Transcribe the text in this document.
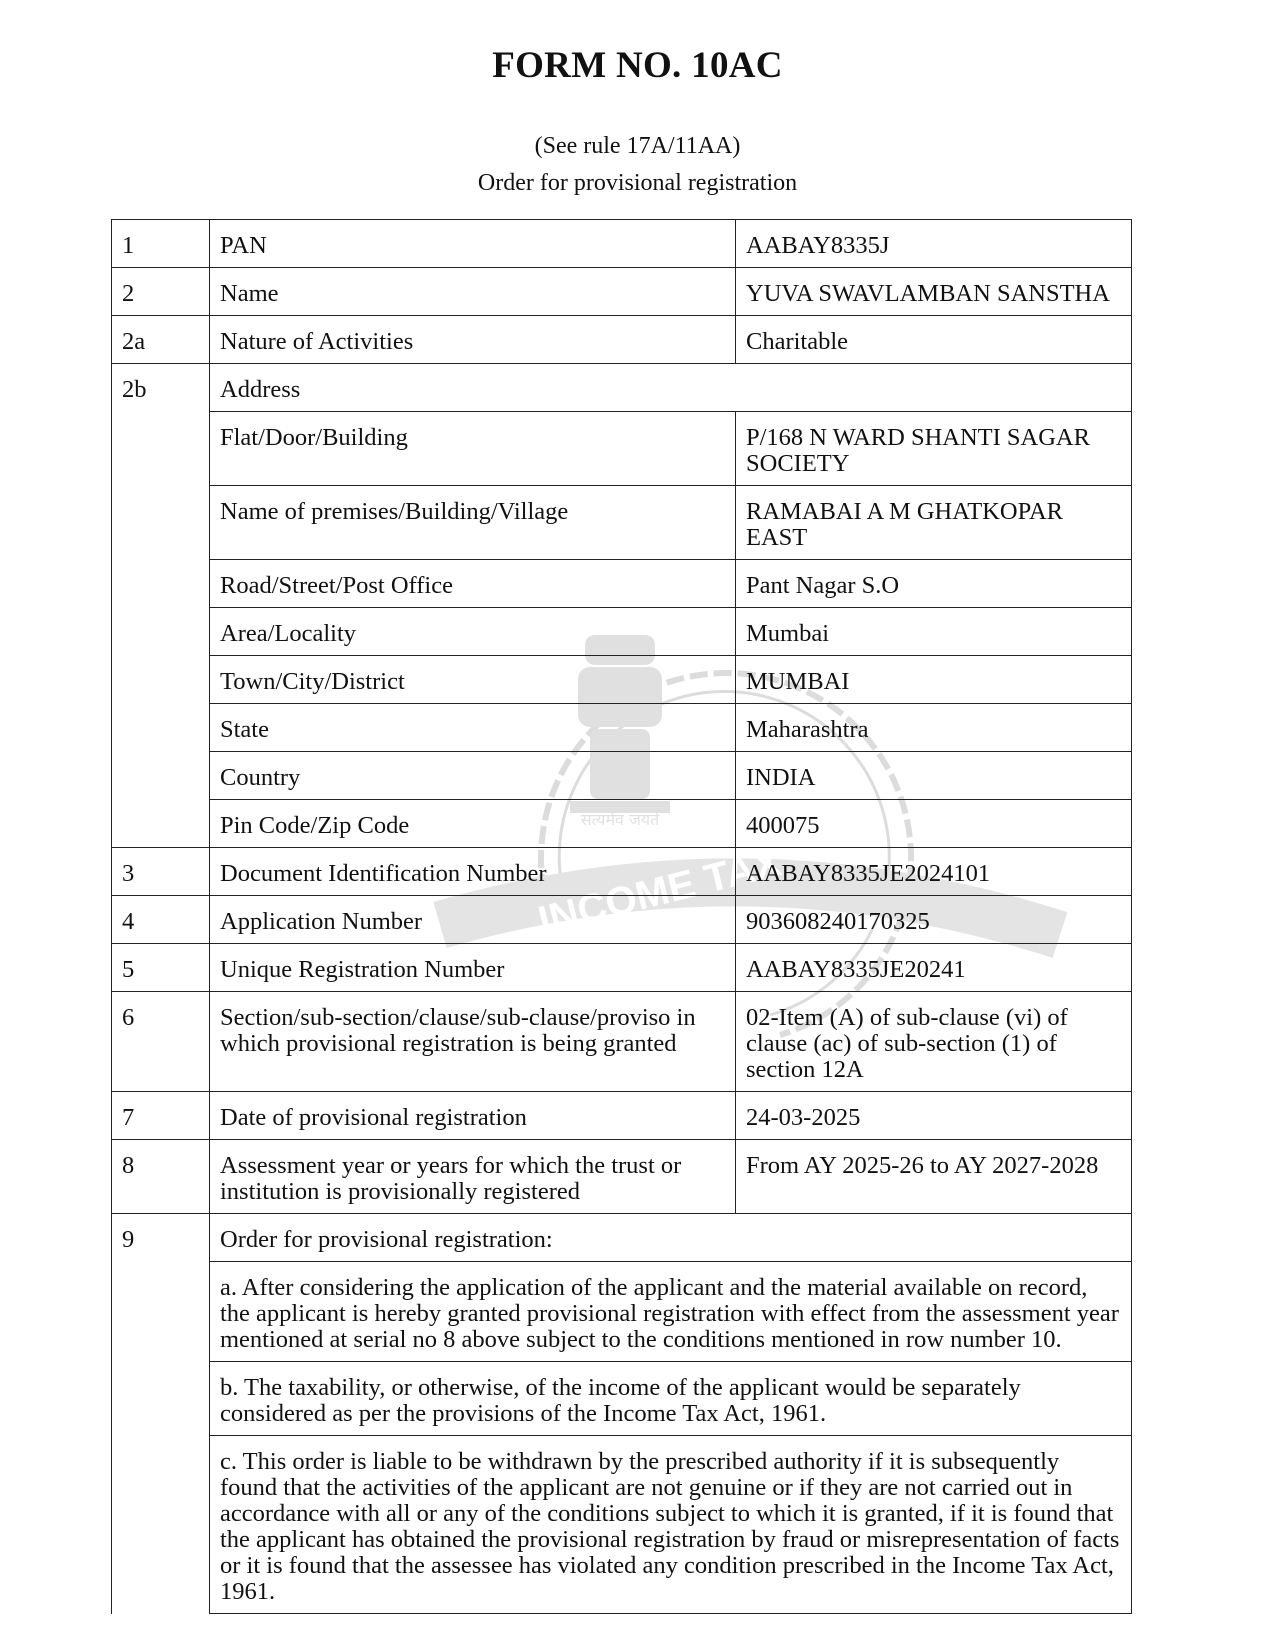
FORM NO. 10AC
(See rule 17A/11AA)
Order for provisional registration
सत्यमेव जयते
INCOME TAX
1	PAN	AABAY8335J
2	Name	YUVA SWAVLAMBAN SANSTHA
2a	Nature of Activities	Charitable
2b	Address	
	Flat/Door/Building	P/168 N WARD SHANTI SAGAR SOCIETY
	Name of premises/Building/Village	RAMABAI A M GHATKOPAR EAST
	Road/Street/Post Office	Pant Nagar S.O
	Area/Locality	Mumbai
	Town/City/District	MUMBAI
	State	Maharashtra
	Country	INDIA
	Pin Code/Zip Code	400075
3	Document Identification Number	AABAY8335JE2024101
4	Application Number	903608240170325
5	Unique Registration Number	AABAY8335JE20241
6	Section/sub-section/clause/sub-clause/proviso in which provisional registration is being granted	02-Item (A) of sub-clause (vi) of clause (ac) of sub-section (1) of section 12A
7	Date of provisional registration	24-03-2025
8	Assessment year or years for which the trust or institution is provisionally registered	From AY 2025-26 to AY 2027-2028
9	Order for provisional registration:	
	a. After considering the application of the applicant and the material available on record, the applicant is hereby granted provisional registration with effect from the assessment year mentioned at serial no 8 above subject to the conditions mentioned in row number 10.	
	b. The taxability, or otherwise, of the income of the applicant would be separately considered as per the provisions of the Income Tax Act, 1961.	
	c. This order is liable to be withdrawn by the prescribed authority if it is subsequently found that the activities of the applicant are not genuine or if they are not carried out in accordance with all or any of the conditions subject to which it is granted, if it is found that the applicant has obtained the provisional registration by fraud or misrepresentation of facts or it is found that the assessee has violated any condition prescribed in the Income Tax Act, 1961.	
